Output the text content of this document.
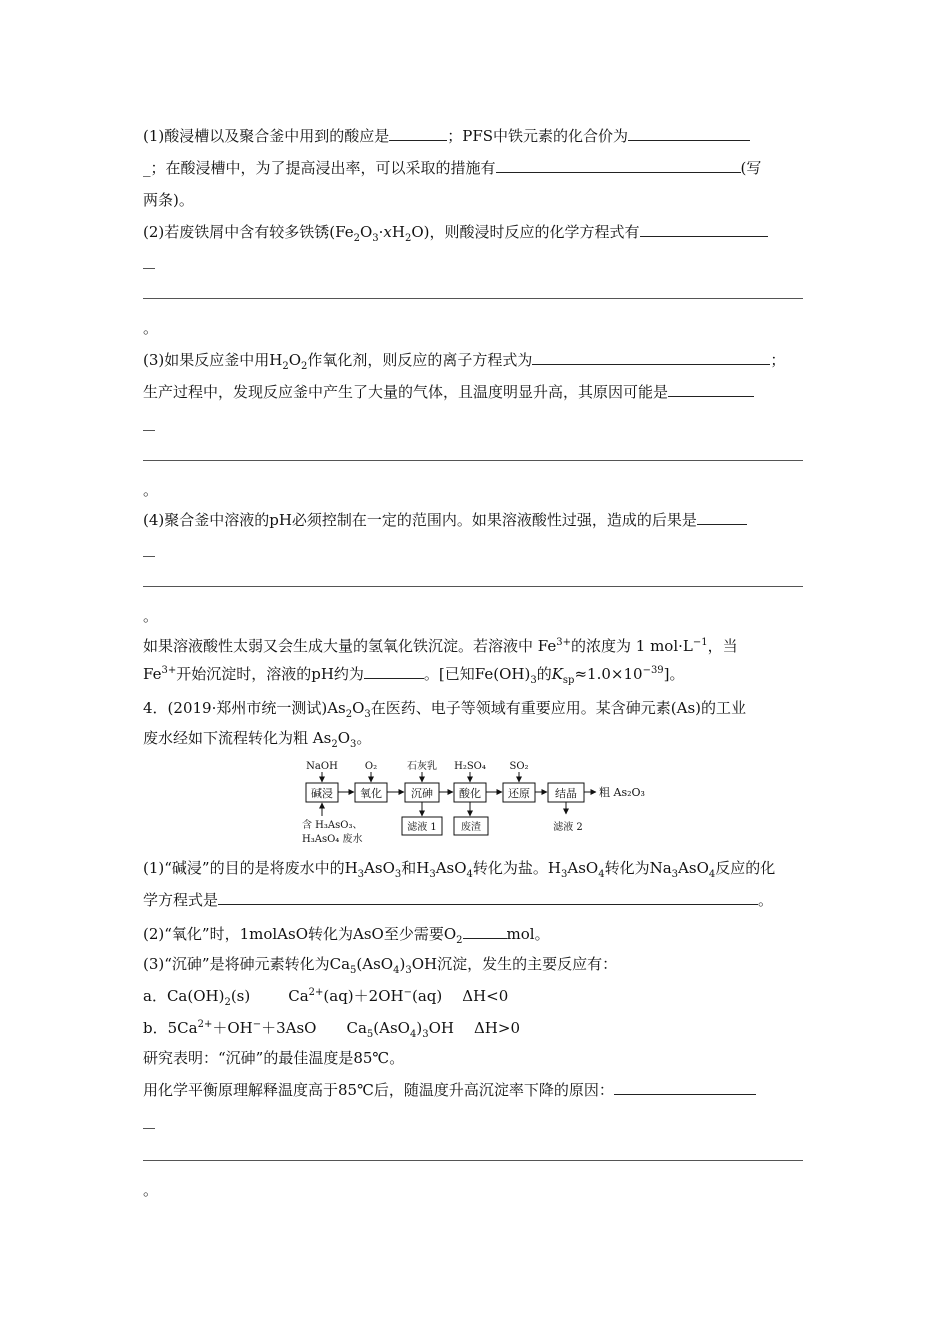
(1)酸浸槽以及聚合釜中用到的酸应是	；PFS中铁元素的化合价为
_；在酸浸槽中，为了提高浸出率，可以采取的措施有	(写
两条)。
(2)若废铁屑中含有较多铁锈$(Fe_2O_3\cdot xH_2O)$，则酸浸时反应的化学方程式有
。
(3)如果反应釜中用$H_2O_2$作氧化剂，则反应的离子方程式为	；
生产过程中，发现反应釜中产生了大量的气体，且温度明显升高，其原因可能是
。
(4)聚合釜中溶液的pH必须控制在一定的范围内。如果溶液酸性过强，造成的后果是
。
如果溶液酸性太弱又会生成大量的氢氧化铁沉淀。若溶液中 $Fe^{3+}$的浓度为 1 $mol\cdot L^{-1}$，当
$Fe^{3+}$开始沉淀时，溶液的pH约为	。[已知$Fe(OH)_3$的$K_{sp}\approx 1.0\times 10^{-39}$]。
4．(2019·郑州市统一测试)$As_2O_3$在医药、电子等领域有重要应用。某含砷元素(As)的工业
废水经如下流程转化为粗 $As_2O_3$。
NaOH	O₂	石灰乳 H₂SO₄ SO₂
碱浸 氧化	沉砷 酸化 还原 结晶 粗 As₂O₃
含 H₃AsO₃、
H₃AsO₄ 废水
滤液 1 废渣	滤液 2
(1)“碱浸”的目的是将废水中的$H_3AsO_3$和$H_3AsO_4$转化为盐。$H_3AsO_4$转化为$Na_3AsO_4$反应的化
学方程式是	。
(2)“氧化”时，1molAsO转化为AsO至少需要$O_2$	mol。
(3)“沉砷”是将砷元素转化为$Ca_5(AsO_4)_3OH$沉淀，发生的主要反应有：
a．$Ca(OH)_2(s)$	$Ca^{2+}(aq)+2OH^-(aq)$ ΔH<0
b．$5Ca^{2+}+OH^-+3AsO$ $Ca_5(AsO_4)_3OH$ ΔH>0
研究表明：“沉砷”的最佳温度是85℃。
用化学平衡原理解释温度高于85℃后，随温度升高沉淀率下降的原因：
。
